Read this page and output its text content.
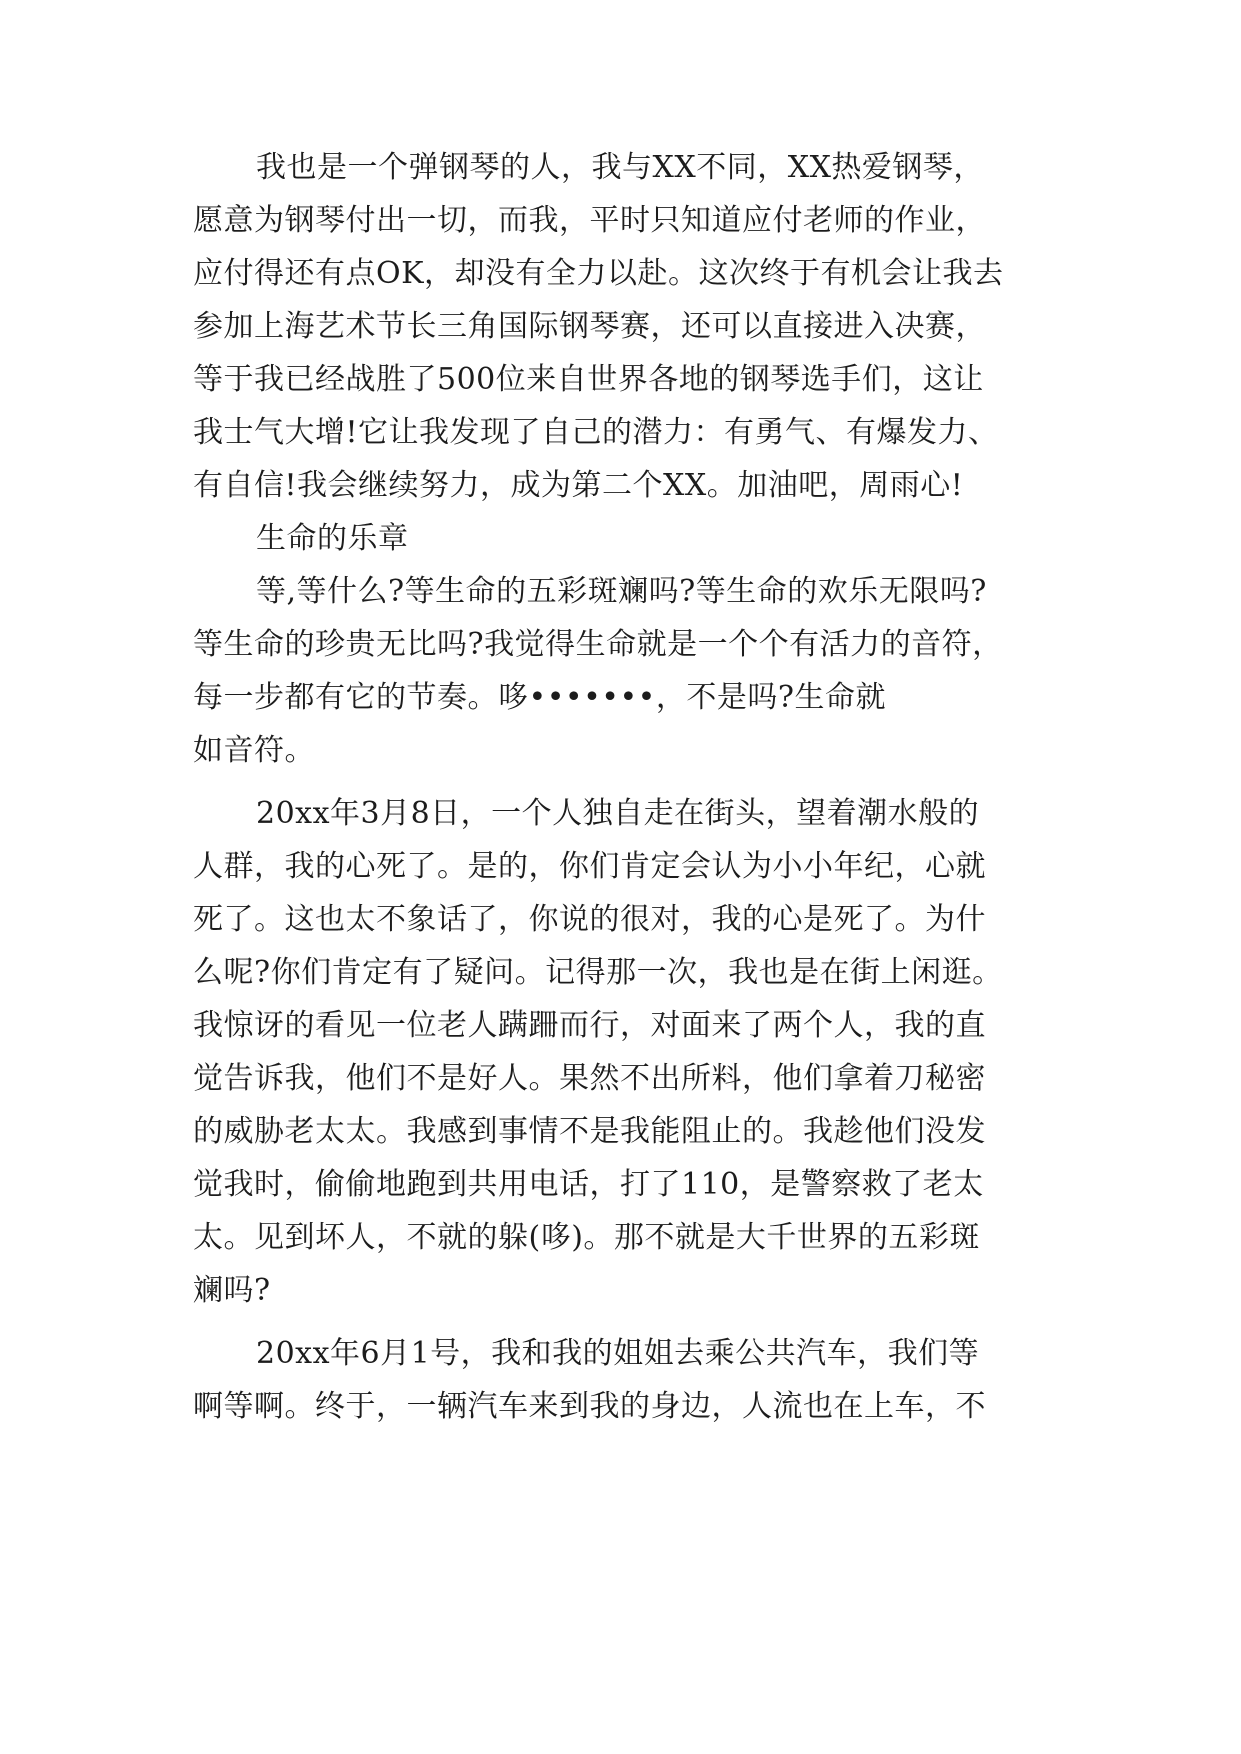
我也是一个弹钢琴的人，我与XX不同，XX热爱钢琴，
愿意为钢琴付出一切，而我，平时只知道应付老师的作业，
应付得还有点OK，却没有全力以赴。这次终于有机会让我去
参加上海艺术节长三角国际钢琴赛，还可以直接进入决赛，
等于我已经战胜了500位来自世界各地的钢琴选手们，这让
我士气大增!它让我发现了自己的潜力：有勇气、有爆发力、
有自信!我会继续努力，成为第二个XX。加油吧，周雨心!
生命的乐章
等,等什么?等生命的五彩斑斓吗?等生命的欢乐无限吗?
等生命的珍贵无比吗?我觉得生命就是一个个有活力的音符，
每一步都有它的节奏。哆•••••••，不是吗?生命就
如音符。
20xx年3月8日，一个人独自走在街头，望着潮水般的
人群，我的心死了。是的，你们肯定会认为小小年纪，心就
死了。这也太不象话了，你说的很对，我的心是死了。为什
么呢?你们肯定有了疑问。记得那一次，我也是在街上闲逛。
我惊讶的看见一位老人蹒跚而行，对面来了两个人，我的直
觉告诉我，他们不是好人。果然不出所料，他们拿着刀秘密
的威胁老太太。我感到事情不是我能阻止的。我趁他们没发
觉我时，偷偷地跑到共用电话，打了110，是警察救了老太
太。见到坏人，不就的躲(哆)。那不就是大千世界的五彩斑
斓吗?
20xx年6月1号，我和我的姐姐去乘公共汽车，我们等
啊等啊。终于，一辆汽车来到我的身边，人流也在上车，不
